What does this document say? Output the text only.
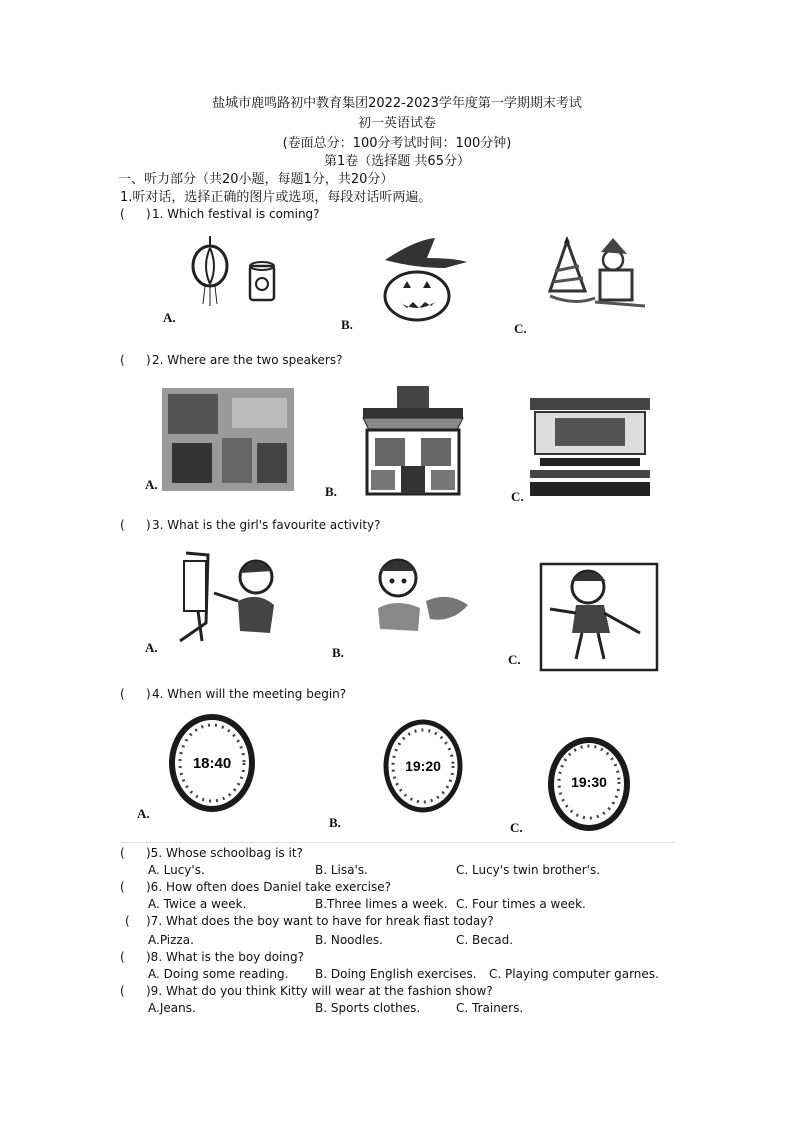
盐城市鹿鸣路初中教育集团2022-2023学年度第一学期期末考试
初一英语试卷
(卷面总分：100分考试时间：100分钟)
第1卷（选择题 共65分）
一、听力部分（共20小题，每题1分，共20分）
1.听对话，选择正确的图片或选项，每段对话听两遍。
( ) 1. Which festival is coming?
A.	B.	C.
( ) 2. Where are the two speakers?
A.	B.	C.
( ) 3. What is the girl's favourite activity?
A.	B.	C.
( ) 4. When will the meeting begin?
18:40
A.
19:20
B.
19:30
C.
( )5. Whose schoolbag is it?
A. Lucy's.	B. Lisa's.	C. Lucy's twin brother's.
( )6. How often does Daniel take exercise?
A. Twice a week.	B.Three limes a week. C. Four times a week.
( )7. What does the boy want to have for hreak fiast today?
A.Pizza.	B. Noodles.	C. Becad.
( )8. What is the boy doing?
A. Doing some reading. B. Doing English exercises. C. Playing computer garnes.
( )9. What do you think Kitty will wear at the fashion show?
A.Jeans.	B. Sports clothes.	C. Trainers.
